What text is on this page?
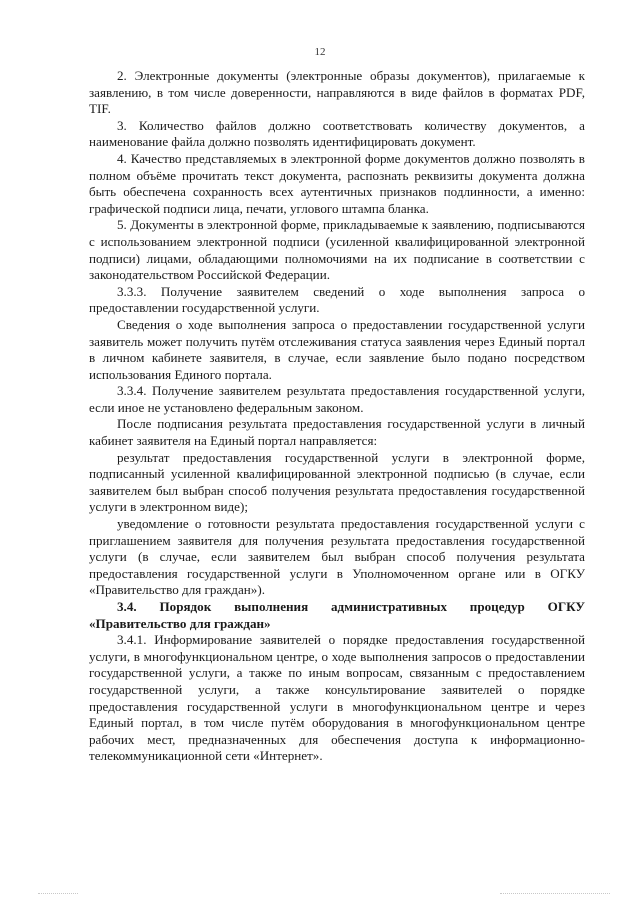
12

2. Электронные документы (электронные образы документов), прилагаемые к заявлению, в том числе доверенности, направляются в виде файлов в форматах PDF, TIF.

3. Количество файлов должно соответствовать количеству документов, а наименование файла должно позволять идентифицировать документ.

4. Качество представляемых в электронной форме документов должно позволять в полном объёме прочитать текст документа, распознать реквизиты документа должна быть обеспечена сохранность всех аутентичных признаков подлинности, а именно: графической подписи лица, печати, углового штампа бланка.

5. Документы в электронной форме, прикладываемые к заявлению, подписываются с использованием электронной подписи (усиленной квалифицированной электронной подписи) лицами, обладающими полномочиями на их подписание в соответствии с законодательством Российской Федерации.

3.3.3. Получение заявителем сведений о ходе выполнения запроса о предоставлении государственной услуги.

Сведения о ходе выполнения запроса о предоставлении государственной услуги заявитель может получить путём отслеживания статуса заявления через Единый портал в личном кабинете заявителя, в случае, если заявление было подано посредством использования Единого портала.

3.3.4. Получение заявителем результата предоставления государственной услуги, если иное не установлено федеральным законом.

После подписания результата предоставления государственной услуги в личный кабинет заявителя на Единый портал направляется:

результат предоставления государственной услуги в электронной форме, подписанный усиленной квалифицированной электронной подписью (в случае, если заявителем был выбран способ получения результата предоставления государственной услуги в электронном виде);

уведомление о готовности результата предоставления государственной услуги с приглашением заявителя для получения результата предоставления государственной услуги (в случае, если заявителем был выбран способ получения результата предоставления государственной услуги в Уполномоченном органе или в ОГКУ «Правительство для граждан»).

3.4. Порядок выполнения административных процедур ОГКУ «Правительство для граждан»

3.4.1. Информирование заявителей о порядке предоставления государственной услуги, в многофункциональном центре, о ходе выполнения запросов о предоставлении государственной услуги, а также по иным вопросам, связанным с предоставлением государственной услуги, а также консультирование заявителей о порядке предоставления государственной услуги в многофункциональном центре и через Единый портал, в том числе путём оборудования в многофункциональном центре рабочих мест, предназначенных для обеспечения доступа к информационно-телекоммуникационной сети «Интернет».
